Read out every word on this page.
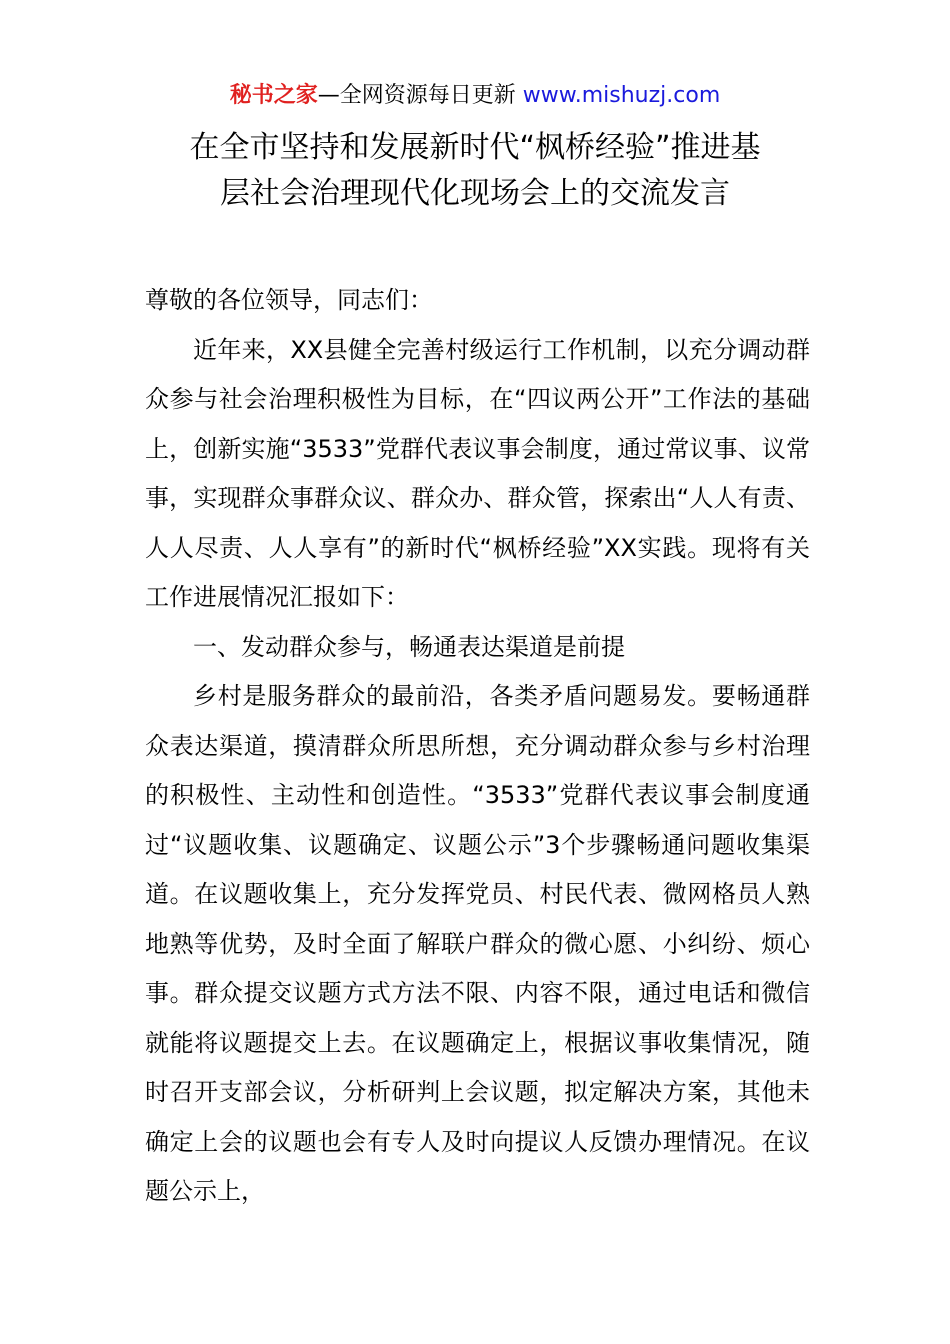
秘书之家—全网资源每日更新 www.mishuzj.com
在全市坚持和发展新时代“枫桥经验”推进基
层社会治理现代化现场会上的交流发言

尊敬的各位领导，同志们：

近年来，XX县健全完善村级运行工作机制，以充分调动群众参与社会治理积极性为目标，在“四议两公开”工作法的基础上，创新实施“3533”党群代表议事会制度，通过常议事、议常事，实现群众事群众议、群众办、群众管，探索出“人人有责、人人尽责、人人享有”的新时代“枫桥经验”XX实践。现将有关工作进展情况汇报如下：

一、发动群众参与，畅通表达渠道是前提

乡村是服务群众的最前沿，各类矛盾问题易发。要畅通群众表达渠道，摸清群众所思所想，充分调动群众参与乡村治理的积极性、主动性和创造性。“3533”党群代表议事会制度通过“议题收集、议题确定、议题公示”3个步骤畅通问题收集渠道。在议题收集上，充分发挥党员、村民代表、微网格员人熟地熟等优势，及时全面了解联户群众的微心愿、小纠纷、烦心事。群众提交议题方式方法不限、内容不限，通过电话和微信就能将议题提交上去。在议题确定上，根据议事收集情况，随时召开支部会议，分析研判上会议题，拟定解决方案，其他未确定上会的议题也会有专人及时向提议人反馈办理情况。在议题公示上，
